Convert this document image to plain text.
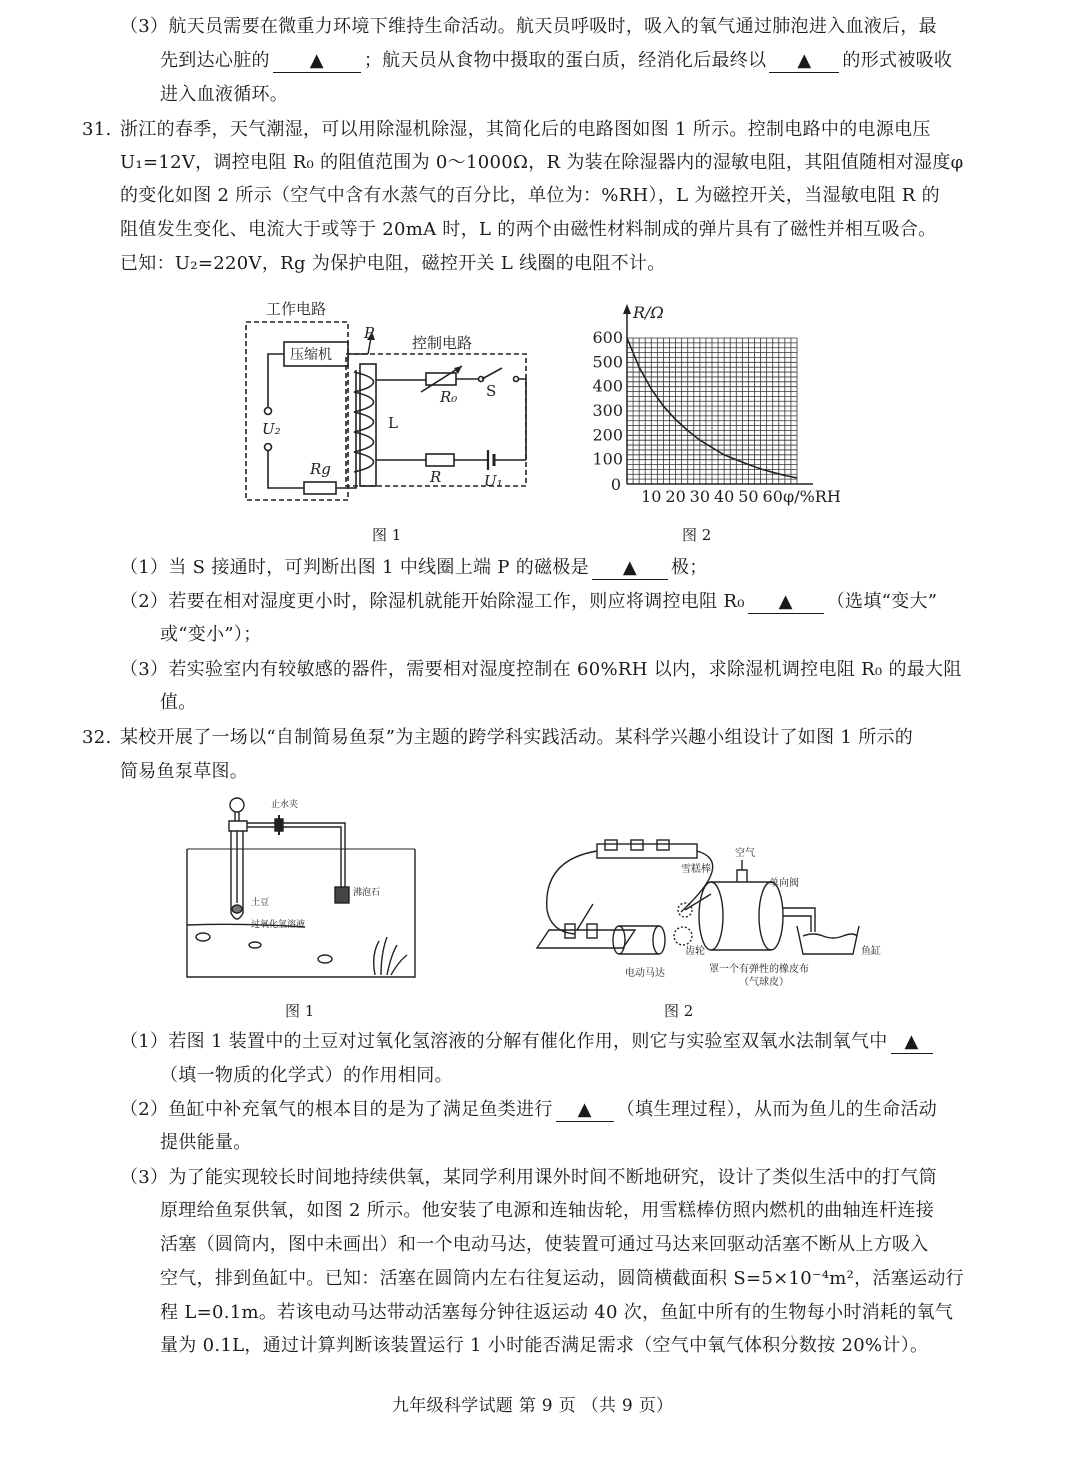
（3）航天员需要在微重力环境下维持生命活动。航天员呼吸时，吸入的氧气通过肺泡进入血液后，最
先到达心脏的 ▲ ；航天员从食物中摄取的蛋白质，经消化后最终以 ▲ 的形式被吸收
进入血液循环。
31. 浙江的春季，天气潮湿，可以用除湿机除湿，其简化后的电路图如图 1 所示。控制电路中的电源电压
U₁=12V，调控电阻 R₀ 的阻值范围为 0～1000Ω，R 为装在除湿器内的湿敏电阻，其阻值随相对湿度φ
的变化如图 2 所示（空气中含有水蒸气的百分比，单位为：%RH），L 为磁控开关，当湿敏电阻 R 的
阻值发生变化、电流大于或等于 20mA 时，L 的两个由磁性材料制成的弹片具有了磁性并相互吸合。
已知：U₂=220V，Rg 为保护电阻，磁控开关 L 线圈的电阻不计。
工作电路
控制电路
压缩机
P
L
R₀ S
R	U₁
U₂
Rg
图 1
10 20 30 40 50 60
100
200
300
400
500
600
0
R/Ω
φ/%RH
图 2
（1）当 S 接通时，可判断出图 1 中线圈上端 P 的磁极是 ▲ 极；
（2）若要在相对湿度更小时，除湿机就能开始除湿工作，则应将调控电阻 R₀ ▲ （选填“变大”
或“变小”）；
（3）若实验室内有较敏感的器件，需要相对湿度控制在 60%RH 以内，求除湿机调控电阻 R₀ 的最大阻
值。
32. 某校开展了一场以“自制简易鱼泵”为主题的跨学科实践活动。某科学兴趣小组设计了如图 1 所示的
简易鱼泵草图。
止水夹
沸泡石
土豆
过氧化氢溶液
图 1
雪糕棒
空气
单向阀
齿轮
电动马达
鱼缸
罩一个有弹性的橡皮布
（气球皮）
图 2
（1）若图 1 装置中的土豆对过氧化氢溶液的分解有催化作用，则它与实验室双氧水法制氧气中 ▲
（填一物质的化学式）的作用相同。
（2）鱼缸中补充氧气的根本目的是为了满足鱼类进行 ▲ （填生理过程），从而为鱼儿的生命活动
提供能量。
（3）为了能实现较长时间地持续供氧，某同学利用课外时间不断地研究，设计了类似生活中的打气筒
原理给鱼泵供氧，如图 2 所示。他安装了电源和连轴齿轮，用雪糕棒仿照内燃机的曲轴连杆连接
活塞（圆筒内，图中未画出）和一个电动马达，使装置可通过马达来回驱动活塞不断从上方吸入
空气，排到鱼缸中。已知：活塞在圆筒内左右往复运动，圆筒横截面积 S=5×10⁻⁴m²，活塞运动行
程 L=0.1m。若该电动马达带动活塞每分钟往返运动 40 次，鱼缸中所有的生物每小时消耗的氧气
量为 0.1L，通过计算判断该装置运行 1 小时能否满足需求（空气中氧气体积分数按 20%计）。
九年级科学试题 第 9 页 （共 9 页）
